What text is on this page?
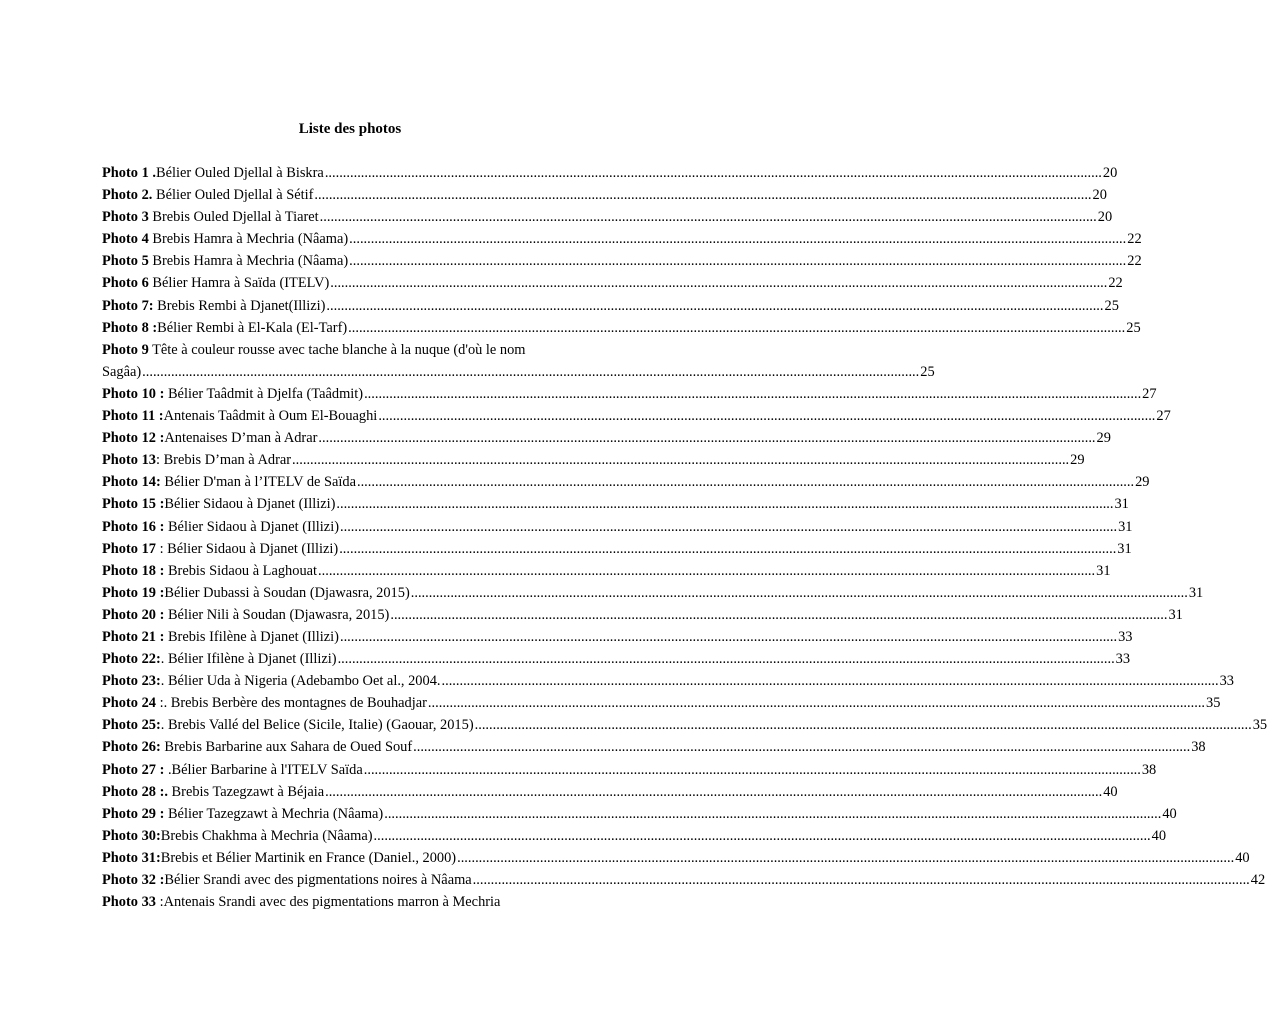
Liste des photos
Photo 1 .Bélier Ouled Djellal à Biskra .....	20
Photo 2. Bélier Ouled Djellal à Sétif .....	20
Photo 3 Brebis Ouled Djellal à Tiaret .....	20
Photo 4 Brebis Hamra à Mechria (Nâama) .....	22
Photo 5 Brebis Hamra à Mechria (Nâama) .....	22
Photo 6 Bélier Hamra à Saïda (ITELV) .....	22
Photo 7: Brebis Rembi à Djanet(Illizi) .....	25
Photo 8 :Bélier Rembi à El-Kala (El-Tarf) .....	25
Photo 9 Tête à couleur rousse avec tache blanche à la nuque (d'où le nom
Sagâa) .....	25
Photo 10 : Bélier Taâdmit à Djelfa (Taâdmit) .....	27
Photo 11 :Antenais Taâdmit à Oum El-Bouaghi .....	27
Photo 12 :Antenaises D’man à Adrar .....	29
Photo 13: Brebis D’man à Adrar .....	29
Photo 14: Bélier D'man à l’ITELV de Saïda .....	29
Photo 15 :Bélier Sidaou à Djanet (Illizi) .....	31
Photo 16 : Bélier Sidaou à Djanet (Illizi) .....	31
Photo 17 : Bélier Sidaou à Djanet (Illizi) .....	31
Photo 18 : Brebis Sidaou à Laghouat .....	31
Photo 19 :Bélier Dubassi à Soudan (Djawasra, 2015) .....	31
Photo 20 : Bélier Nili à Soudan (Djawasra, 2015) .....	31
Photo 21 : Brebis Ifilène à Djanet (Illizi) .....	33
Photo 22:. Bélier Ifilène à Djanet (Illizi) .....	33
Photo 23:. Bélier Uda à Nigeria (Adebambo Oet al., 2004. .....	33
Photo 24 :. Brebis Berbère des montagnes de Bouhadjar .....	35
Photo 25:. Brebis Vallé del Belice (Sicile, Italie) (Gaouar, 2015) .....	35
Photo 26: Brebis Barbarine aux Sahara de Oued Souf .....	38
Photo 27 : .Bélier Barbarine à l'ITELV Saïda .....	38
Photo 28 :. Brebis Tazegzawt à Béjaia .....	40
Photo 29 : Bélier Tazegzawt à Mechria (Nâama) .....	40
Photo 30:Brebis Chakhma à Mechria (Nâama) .....	40
Photo 31:Brebis et Bélier Martinik en France (Daniel., 2000) .....	40
Photo 32 :Bélier Srandi avec des pigmentations noires à Nâama .....	42
Photo 33 :Antenais Srandi avec des pigmentations marron à Mechria
